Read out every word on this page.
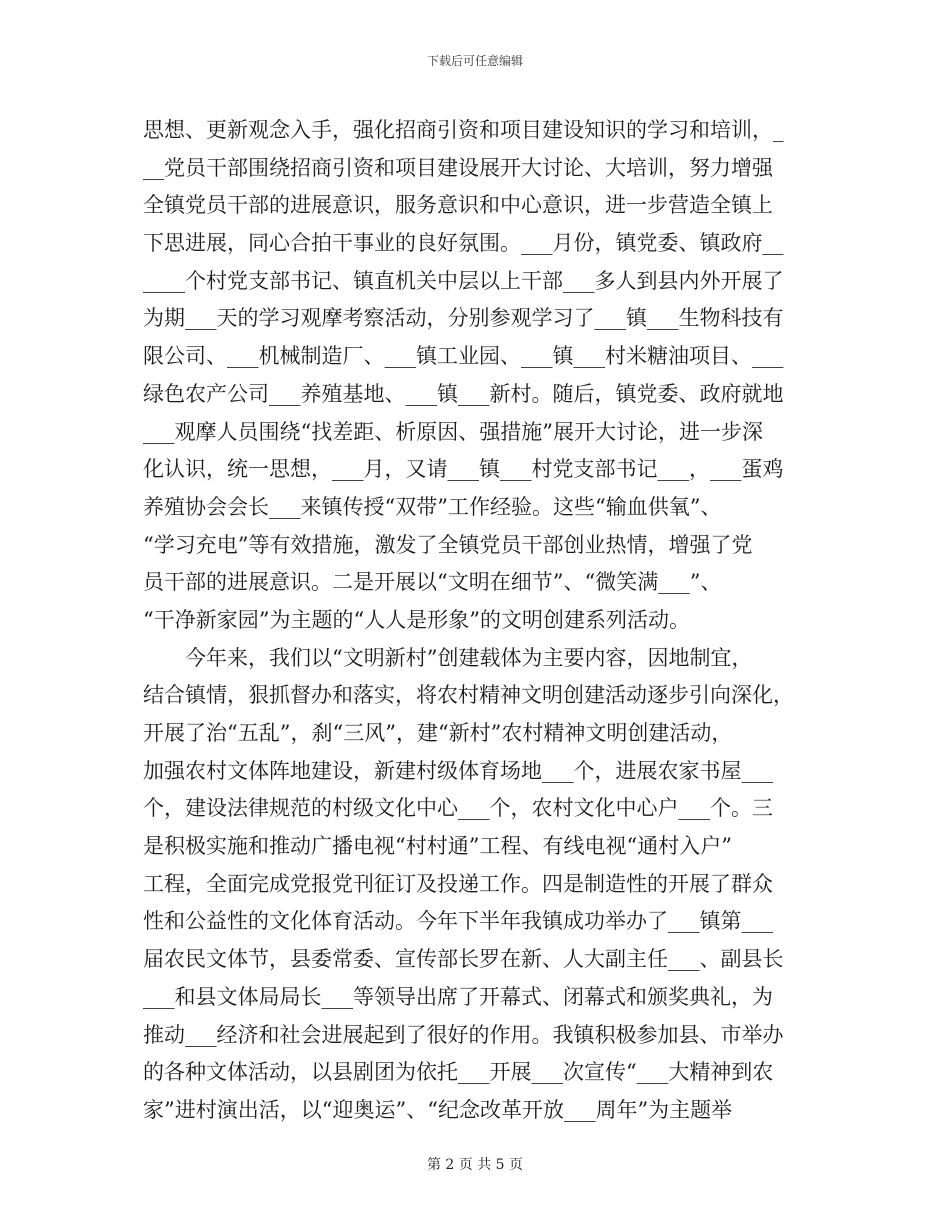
下载后可任意编辑
思想、更新观念入手，强化招商引资和项目建设知识的学习和培训，_
__党员干部围绕招商引资和项目建设展开大讨论、大培训，努力增强
全镇党员干部的进展意识，服务意识和中心意识，进一步营造全镇上
下思进展，同心合拍干事业的良好氛围。___月份，镇党委、镇政府__
____个村党支部书记、镇直机关中层以上干部___多人到县内外开展了
为期___天的学习观摩考察活动，分别参观学习了___镇___生物科技有
限公司、___机械制造厂、___镇工业园、___镇___村米糖油项目、___
绿色农产公司___养殖基地、___镇___新村。随后，镇党委、政府就地
___观摩人员围绕“找差距、析原因、强措施”展开大讨论，进一步深
化认识，统一思想，___月，又请___镇___村党支部书记___，___蛋鸡
养殖协会会长___来镇传授“双带”工作经验。这些“输血供氧”、
“学习充电”等有效措施，激发了全镇党员干部创业热情，增强了党
员干部的进展意识。二是开展以“文明在细节”、“微笑满___”、
“干净新家园”为主题的“人人是形象”的文明创建系列活动。
今年来，我们以“文明新村”创建载体为主要内容，因地制宜，
结合镇情，狠抓督办和落实，将农村精神文明创建活动逐步引向深化，
开展了治“五乱”，刹“三风”，建“新村”农村精神文明创建活动，
加强农村文体阵地建设，新建村级体育场地___个，进展农家书屋___
个，建设法律规范的村级文化中心___个，农村文化中心户___个。三
是积极实施和推动广播电视“村村通”工程、有线电视“通村入户”
工程，全面完成党报党刊征订及投递工作。四是制造性的开展了群众
性和公益性的文化体育活动。今年下半年我镇成功举办了___镇第___
届农民文体节，县委常委、宣传部长罗在新、人大副主任___、副县长
___和县文体局局长___等领导出席了开幕式、闭幕式和颁奖典礼，为
推动___经济和社会进展起到了很好的作用。我镇积极参加县、市举办
的各种文体活动，以县剧团为依托___开展___次宣传“___大精神到农
家”进村演出活，以“迎奥运”、“纪念改革开放___周年”为主题举
第 2 页 共 5 页
